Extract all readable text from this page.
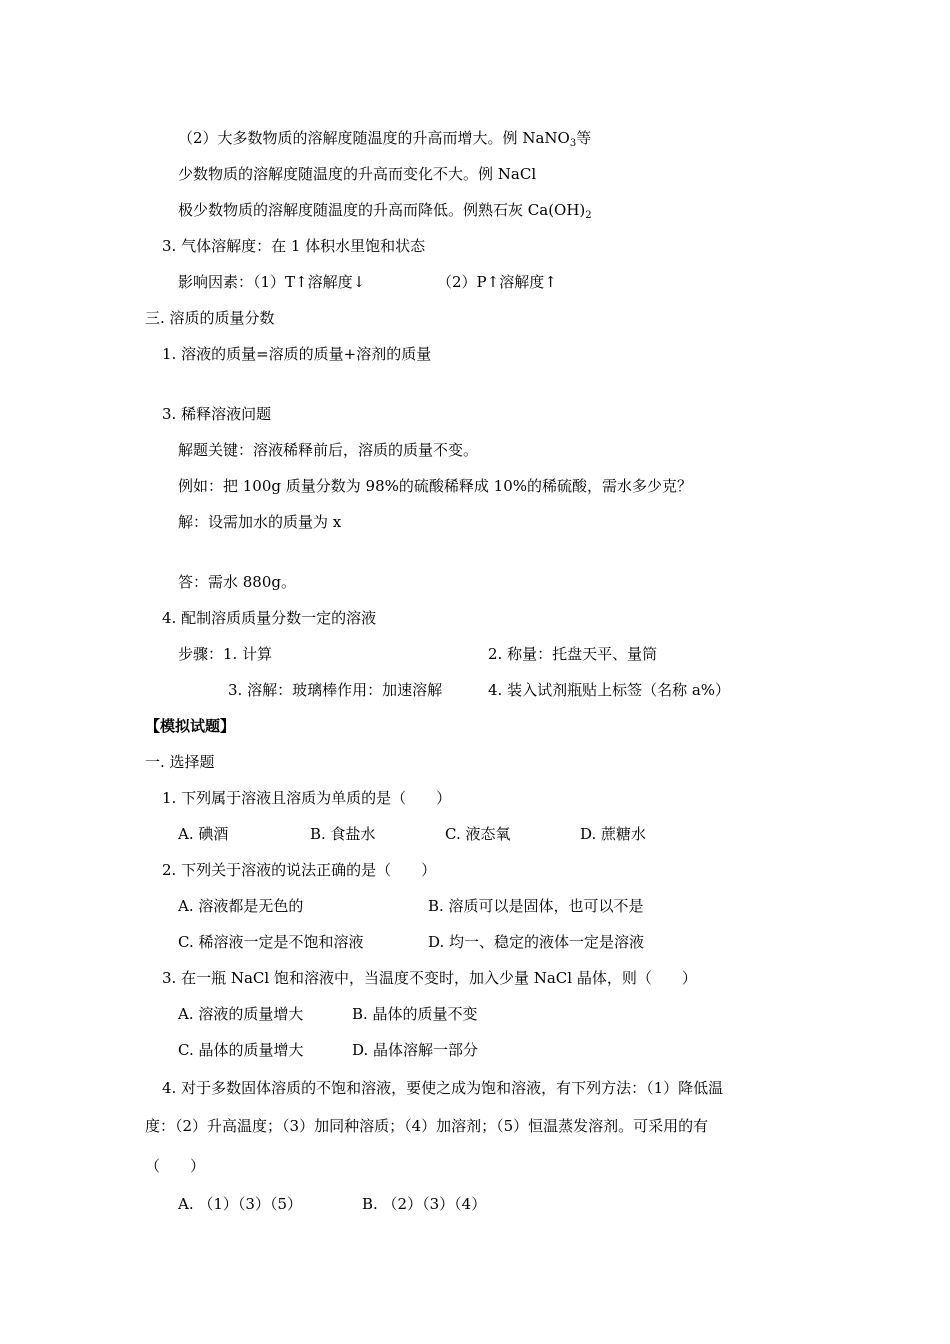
（2）大多数物质的溶解度随温度的升高而增大。例 NaNO$_3$等
少数物质的溶解度随温度的升高而变化不大。例 NaCl
极少数物质的溶解度随温度的升高而降低。例熟石灰 $Ca(OH)_2$
3. 气体溶解度：在 1 体积水里饱和状态
影响因素：（1）T↑溶解度↓	（2）P↑溶解度↑
三. 溶质的质量分数
1. 溶液的质量=溶质的质量+溶剂的质量
3. 稀释溶液问题
解题关键：溶液稀释前后，溶质的质量不变。
例如：把 100g 质量分数为 98%的硫酸稀释成 10%的稀硫酸，需水多少克？
解：设需加水的质量为 x
答：需水 880g。
4. 配制溶质质量分数一定的溶液
步骤：1. 计算	2. 称量：托盘天平、量筒
3. 溶解：玻璃棒作用：加速溶解	4. 装入试剂瓶贴上标签（名称 a%）
【模拟试题】
一. 选择题
1. 下列属于溶液且溶质为单质的是（　　）
A. 碘酒	B. 食盐水	C. 液态氧	D. 蔗糖水
2. 下列关于溶液的说法正确的是（　　）
A. 溶液都是无色的	B. 溶质可以是固体，也可以不是
C. 稀溶液一定是不饱和溶液	D. 均一、稳定的液体一定是溶液
3. 在一瓶 NaCl 饱和溶液中，当温度不变时，加入少量 NaCl 晶体，则（　　）
A. 溶液的质量增大	B. 晶体的质量不变
C. 晶体的质量增大	D. 晶体溶解一部分
4. 对于多数固体溶质的不饱和溶液，要使之成为饱和溶液，有下列方法：（1）降低温
度：（2）升高温度；（3）加同种溶质；（4）加溶剂；（5）恒温蒸发溶剂。可采用的有
（　　）
A. （1）（3）（5）	B. （2）（3）（4）
